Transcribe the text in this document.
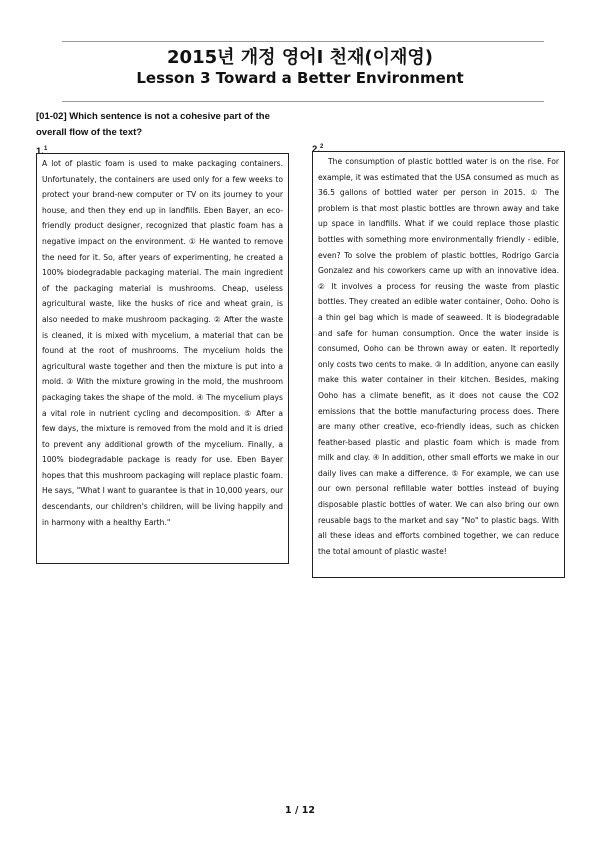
2015년 개정 영어Ⅰ 천재(이재영)
Lesson 3 Toward a Better Environment
[01-02] Which sentence is not a cohesive part of the overall flow of the text?
1.$^1$
A lot of plastic foam is used to make packaging containers. Unfortunately, the containers are used only for a few weeks to protect your brand-new computer or TV on its journey to your house, and then they end up in landfills. Eben Bayer, an eco-friendly product designer, recognized that plastic foam has a negative impact on the environment. ① He wanted to remove the need for it. So, after years of experimenting, he created a 100% biodegradable packaging material. The main ingredient of the packaging material is mushrooms. Cheap, useless agricultural waste, like the husks of rice and wheat grain, is also needed to make mushroom packaging. ② After the waste is cleaned, it is mixed with mycelium, a material that can be found at the root of mushrooms. The mycelium holds the agricultural waste together and then the mixture is put into a mold. ③ With the mixture growing in the mold, the mushroom packaging takes the shape of the mold. ④ The mycelium plays a vital role in nutrient cycling and decomposition. ⑤ After a few days, the mixture is removed from the mold and it is dried to prevent any additional growth of the mycelium. Finally, a 100% biodegradable package is ready for use. Eben Bayer hopes that this mushroom packaging will replace plastic foam. He says, "What I want to guarantee is that in 10,000 years, our descendants, our children's children, will be living happily and in harmony with a healthy Earth."
2.$^2$
The consumption of plastic bottled water is on the rise. For example, it was estimated that the USA consumed as much as 36.5 gallons of bottled water per person in 2015. ① The problem is that most plastic bottles are thrown away and take up space in landfills. What if we could replace those plastic bottles with something more environmentally friendly - edible, even? To solve the problem of plastic bottles, Rodrigo Garcia Gonzalez and his coworkers came up with an innovative idea. ② It involves a process for reusing the waste from plastic bottles. They created an edible water container, Ooho. Ooho is a thin gel bag which is made of seaweed. It is biodegradable and safe for human consumption. Once the water inside is consumed, Ooho can be thrown away or eaten. It reportedly only costs two cents to make. ③ In addition, anyone can easily make this water container in their kitchen. Besides, making Ooho has a climate benefit, as it does not cause the CO2 emissions that the bottle manufacturing process does. There are many other creative, eco-friendly ideas, such as chicken feather-based plastic and plastic foam which is made from milk and clay. ④ In addition, other small efforts we make in our daily lives can make a difference. ⑤ For example, we can use our own personal refillable water bottles instead of buying disposable plastic bottles of water. We can also bring our own reusable bags to the market and say "No" to plastic bags. With all these ideas and efforts combined together, we can reduce the total amount of plastic waste!
1 / 12
